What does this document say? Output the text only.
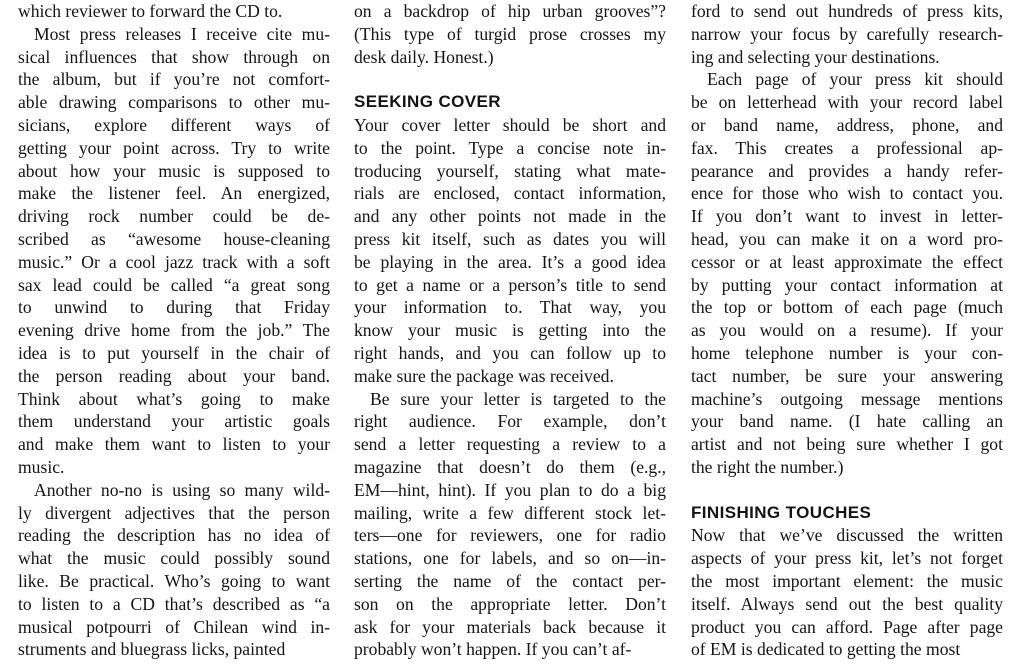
which reviewer to forward the CD to.
Most press releases I receive cite mu-
sical influences that show through on
the album, but if you’re not comfort-
able drawing comparisons to other mu-
sicians, explore different ways of
getting your point across. Try to write
about how your music is supposed to
make the listener feel. An energized,
driving rock number could be de-
scribed as “awesome house-cleaning
music.” Or a cool jazz track with a soft
sax lead could be called “a great song
to unwind to during that Friday
evening drive home from the job.” The
idea is to put yourself in the chair of
the person reading about your band.
Think about what’s going to make
them understand your artistic goals
and make them want to listen to your
music.
Another no-no is using so many wild-
ly divergent adjectives that the person
reading the description has no idea of
what the music could possibly sound
like. Be practical. Who’s going to want
to listen to a CD that’s described as “a
musical potpourri of Chilean wind in-
struments and bluegrass licks, painted
on a backdrop of hip urban grooves”?
(This type of turgid prose crosses my
desk daily. Honest.)
SEEKING COVER
Your cover letter should be short and
to the point. Type a concise note in-
troducing yourself, stating what mate-
rials are enclosed, contact information,
and any other points not made in the
press kit itself, such as dates you will
be playing in the area. It’s a good idea
to get a name or a person’s title to send
your information to. That way, you
know your music is getting into the
right hands, and you can follow up to
make sure the package was received.
Be sure your letter is targeted to the
right audience. For example, don’t
send a letter requesting a review to a
magazine that doesn’t do them (e.g.,
EM—hint, hint). If you plan to do a big
mailing, write a few different stock let-
ters—one for reviewers, one for radio
stations, one for labels, and so on—in-
serting the name of the contact per-
son on the appropriate letter. Don’t
ask for your materials back because it
probably won’t happen. If you can’t af-
ford to send out hundreds of press kits,
narrow your focus by carefully research-
ing and selecting your destinations.
Each page of your press kit should
be on letterhead with your record label
or band name, address, phone, and
fax. This creates a professional ap-
pearance and provides a handy refer-
ence for those who wish to contact you.
If you don’t want to invest in letter-
head, you can make it on a word pro-
cessor or at least approximate the effect
by putting your contact information at
the top or bottom of each page (much
as you would on a resume). If your
home telephone number is your con-
tact number, be sure your answering
machine’s outgoing message mentions
your band name. (I hate calling an
artist and not being sure whether I got
the right the number.)
FINISHING TOUCHES
Now that we’ve discussed the written
aspects of your press kit, let’s not forget
the most important element: the music
itself. Always send out the best quality
product you can afford. Page after page
of EM is dedicated to getting the most
